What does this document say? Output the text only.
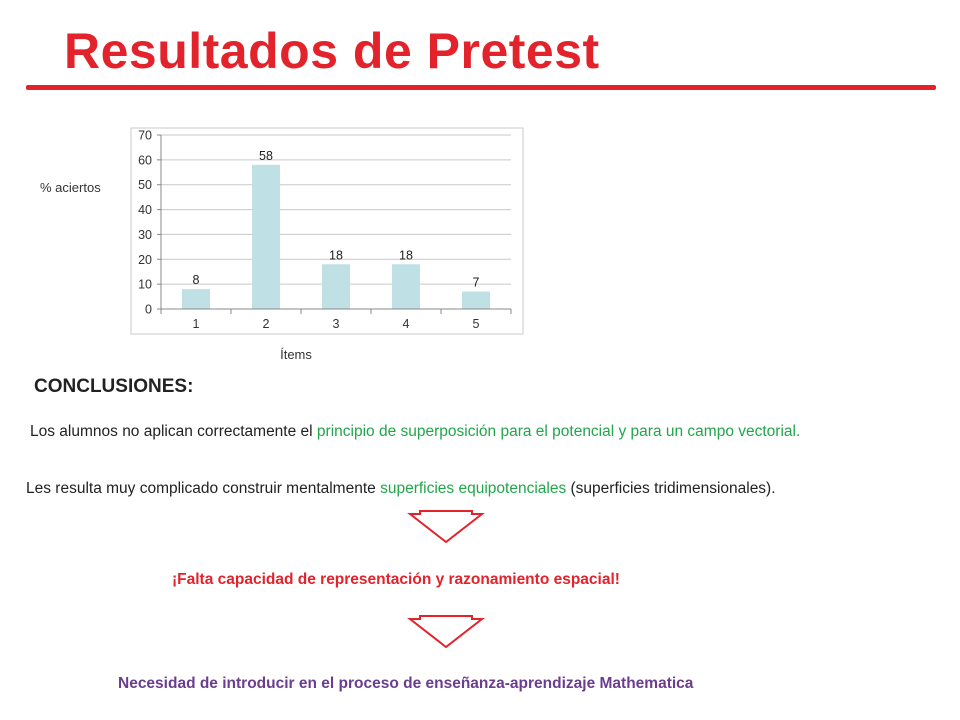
Resultados de Pretest
0
10
20
30
40
50
60
70
8
1
58
2
18
3
18
4
7
5
% aciertos
Ítems
CONCLUSIONES:

Los alumnos no aplican correctamente el principio de superposición para el potencial y para un campo vectorial.

Les resulta muy complicado construir mentalmente superficies equipotenciales (superficies tridimensionales).

¡Falta capacidad de representación y razonamiento espacial!

Necesidad de introducir en el proceso de enseñanza-aprendizaje Mathematica
